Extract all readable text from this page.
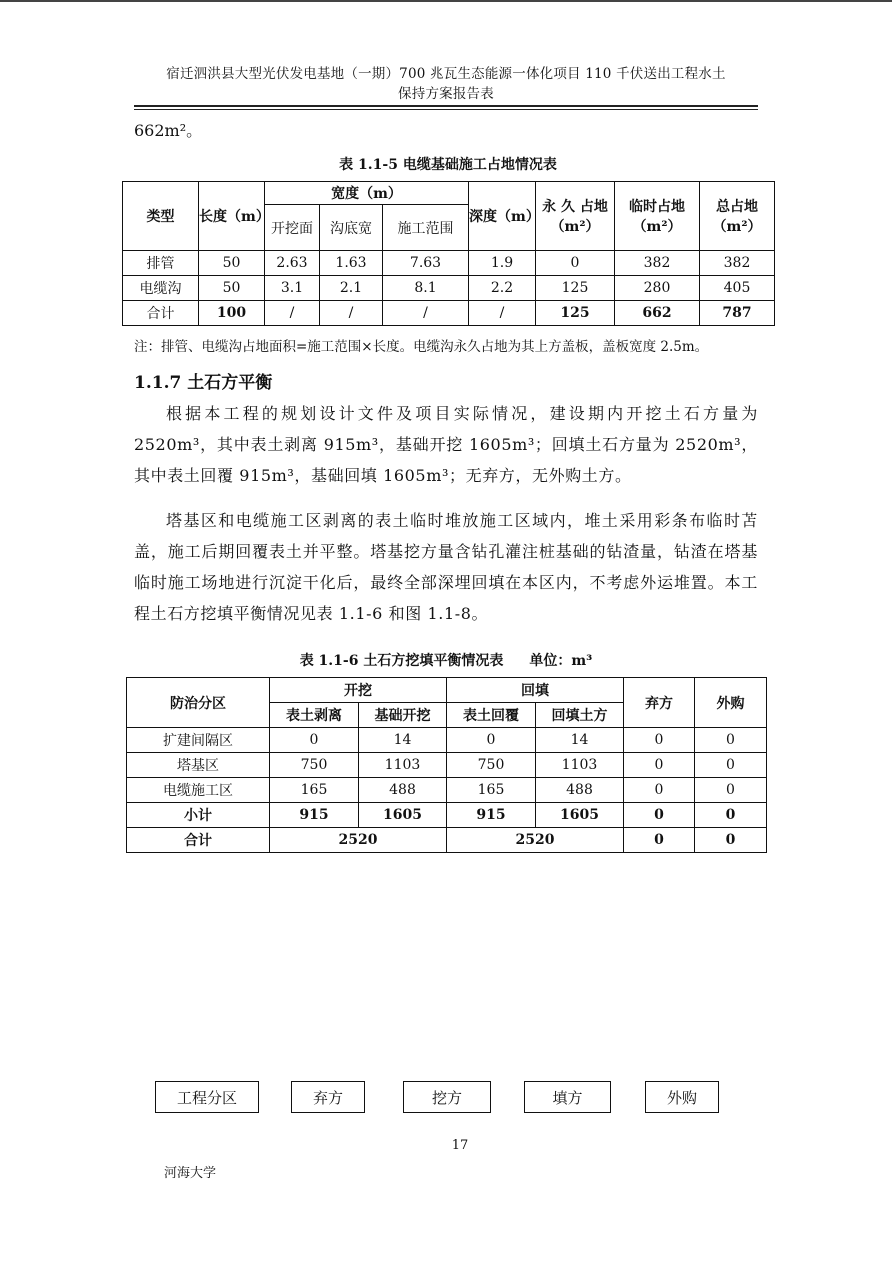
宿迁泗洪县大型光伏发电基地（一期）700 兆瓦生态能源一体化项目 110 千伏送出工程水土
保持方案报告表
662m²。
表 1.1-5 电缆基础施工占地情况表
类型	长度（m）	宽度（m）			深度（m）	永 久 占地（m²）	临时占地（m²）	总占地（m²）
		开挖面	沟底宽	施工范围				
排管	50	2.63	1.63	7.63	1.9	0	382	382
电缆沟	50	3.1	2.1	8.1	2.2	125	280	405
合计	100	/	/	/	/	125	662	787
注：排管、电缆沟占地面积=施工范围×长度。电缆沟永久占地为其上方盖板，盖板宽度 2.5m。
1.1.7 土石方平衡

根据本工程的规划设计文件及项目实际情况，建设期内开挖土石方量为2520m³，其中表土剥离 915m³，基础开挖 1605m³；回填土石方量为 2520m³，其中表土回覆 915m³，基础回填 1605m³；无弃方，无外购土方。

塔基区和电缆施工区剥离的表土临时堆放施工区域内，堆土采用彩条布临时苫盖，施工后期回覆表土并平整。塔基挖方量含钻孔灌注桩基础的钻渣量，钻渣在塔基临时施工场地进行沉淀干化后，最终全部深埋回填在本区内，不考虑外运堆置。本工程土石方挖填平衡情况见表 1.1-6 和图 1.1-8。

表 1.1-6 土石方挖填平衡情况表 单位：m³
防治分区	开挖		回填		弃方	外购
	表土剥离	基础开挖	表土回覆	回填土方		
扩建间隔区	0	14	0	14	0	0
塔基区	750	1103	750	1103	0	0
电缆施工区	165	488	165	488	0	0
小计	915	1605	915	1605	0	0
合计	2520		2520		0	0
工程分区	弃方	挖方	填方	外购
17
河海大学
